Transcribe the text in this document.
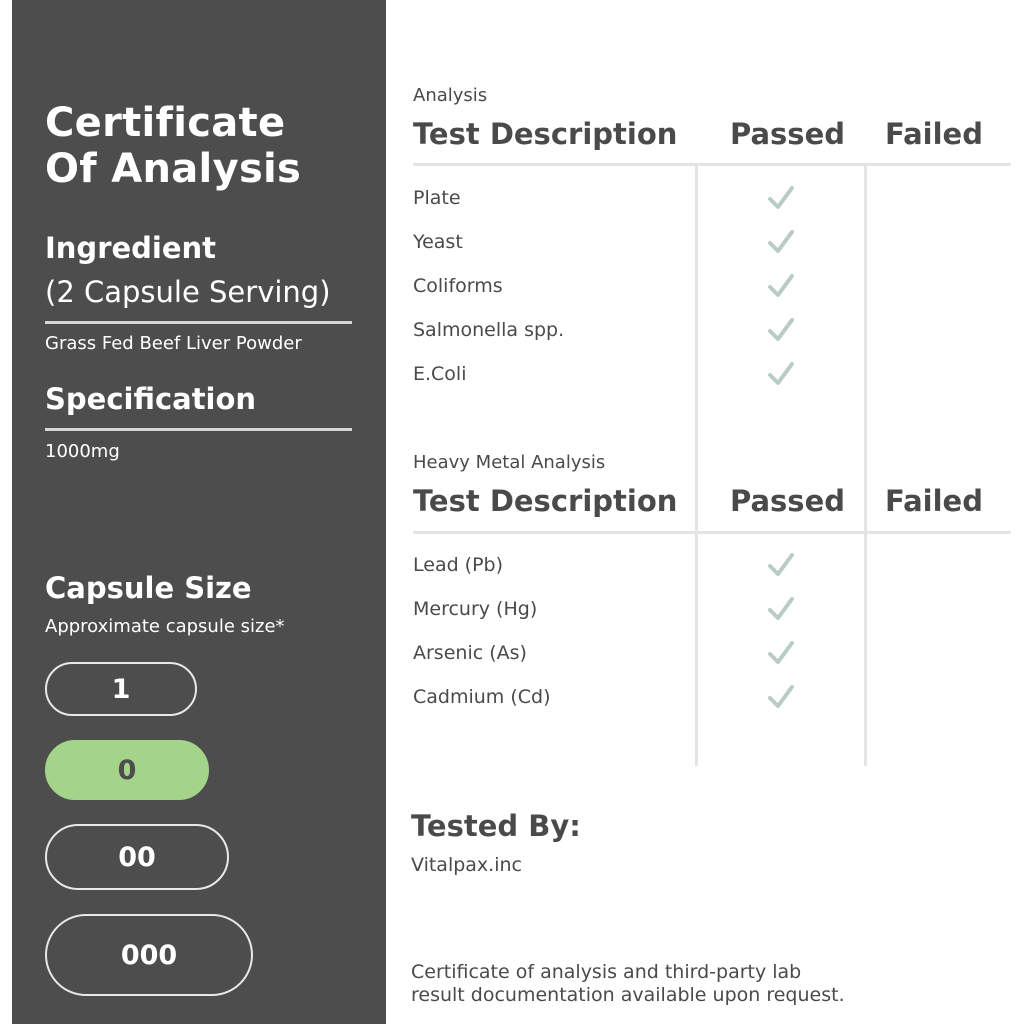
Certificate
Of Analysis
Ingredient
(2 Capsule Serving)
Grass Fed Beef Liver Powder
Specification
1000mg
Capsule Size
Approximate capsule size*
1
0
00
000
Analysis
Test Description Passed Failed
Plate
Yeast
Coliforms
Salmonella spp.
E.Coli
Heavy Metal Analysis
Test Description Passed Failed
Lead (Pb)
Mercury (Hg)
Arsenic (As)
Cadmium (Cd)
Tested By:
Vitalpax.inc
Certificate of analysis and third-party lab
result documentation available upon request.
